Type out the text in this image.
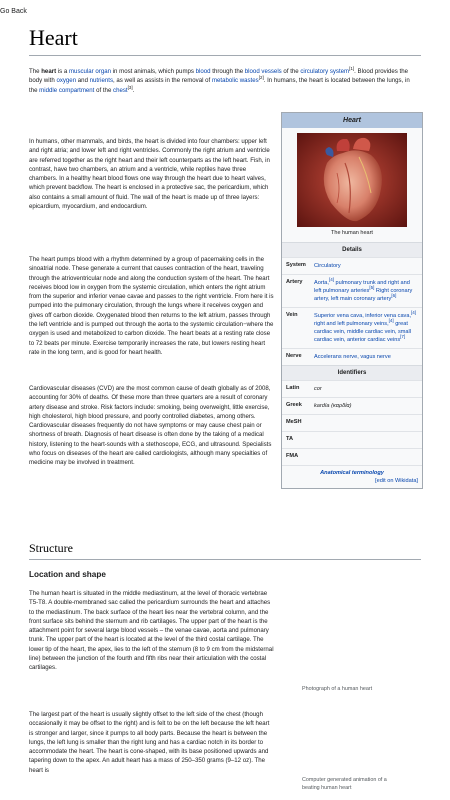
Go Back
Heart

The heart is a muscular organ in most animals, which pumps blood through the blood vessels of the circulatory system[1]. Blood provides the body with oxygen and nutrients, as well as assists in the removal of metabolic wastes[2]. In humans, the heart is located between the lungs, in the middle compartment of the chest[3].

In humans, other mammals, and birds, the heart is divided into four chambers: upper left and right atria; and lower left and right ventricles. Commonly the right atrium and ventricle are referred together as the right heart and their left counterparts as the left heart. Fish, in contrast, have two chambers, an atrium and a ventricle, while reptiles have three chambers. In a healthy heart blood flows one way through the heart due to heart valves, which prevent backflow. The heart is enclosed in a protective sac, the pericardium, which also contains a small amount of fluid. The wall of the heart is made up of three layers: epicardium, myocardium, and endocardium.

The heart pumps blood with a rhythm determined by a group of pacemaking cells in the sinoatrial node. These generate a current that causes contraction of the heart, traveling through the atrioventricular node and along the conduction system of the heart. The heart receives blood low in oxygen from the systemic circulation, which enters the right atrium from the superior and inferior venae cavae and passes to the right ventricle. From here it is pumped into the pulmonary circulation, through the lungs where it receives oxygen and gives off carbon dioxide. Oxygenated blood then returns to the left atrium, passes through the left ventricle and is pumped out through the aorta to the systemic circulation−where the oxygen is used and metabolized to carbon dioxide. The heart beats at a resting rate close to 72 beats per minute. Exercise temporarily increases the rate, but lowers resting heart rate in the long term, and is good for heart health.

Cardiovascular diseases (CVD) are the most common cause of death globally as of 2008, accounting for 30% of deaths. Of these more than three quarters are a result of coronary artery disease and stroke. Risk factors include: smoking, being overweight, little exercise, high cholesterol, high blood pressure, and poorly controlled diabetes, among others. Cardiovascular diseases frequently do not have symptoms or may cause chest pain or shortness of breath. Diagnosis of heart disease is often done by the taking of a medical history, listening to the heart-sounds with a stethoscope, ECG, and ultrasound. Specialists who focus on diseases of the heart are called cardiologists, although many specialties of medicine may be involved in treatment.

Heart
The human heart
Details
System	Circulatory
Artery	Aorta,[4] pulmonary trunk and right and left pulmonary arteries[5] Right coronary artery, left main coronary artery[6]
Vein	Superior vena cava, inferior vena cava,[4] right and left pulmonary veins,[4] great cardiac vein, middle cardiac vein, small cardiac vein, anterior cardiac veins[7]
Nerve	Accelerans nerve, vagus nerve
Identifiers
Latin	cor
Greek	kardía (καρδία)
MeSH
TA
FMA
Anatomical terminology
[edit on Wikidata]
Structure
Location and shape

The human heart is situated in the middle mediastinum, at the level of thoracic vertebrae T5-T8. A double-membraned sac called the pericardium surrounds the heart and attaches to the mediastinum. The back surface of the heart lies near the vertebral column, and the front surface sits behind the sternum and rib cartilages. The upper part of the heart is the attachment point for several large blood vessels – the venae cavae, aorta and pulmonary trunk. The upper part of the heart is located at the level of the third costal cartilage. The lower tip of the heart, the apex, lies to the left of the sternum (8 to 9 cm from the midsternal line) between the junction of the fourth and fifth ribs near their articulation with the costal cartilages.

The largest part of the heart is usually slightly offset to the left side of the chest (though occasionally it may be offset to the right) and is felt to be on the left because the left heart is stronger and larger, since it pumps to all body parts. Because the heart is between the lungs, the left lung is smaller than the right lung and has a cardiac notch in its border to accommodate the heart. The heart is cone-shaped, with its base positioned upwards and tapering down to the apex. An adult heart has a mass of 250–350 grams (9–12 oz). The heart is

Photograph of a human heart
Computer generated animation of a beating human heart
